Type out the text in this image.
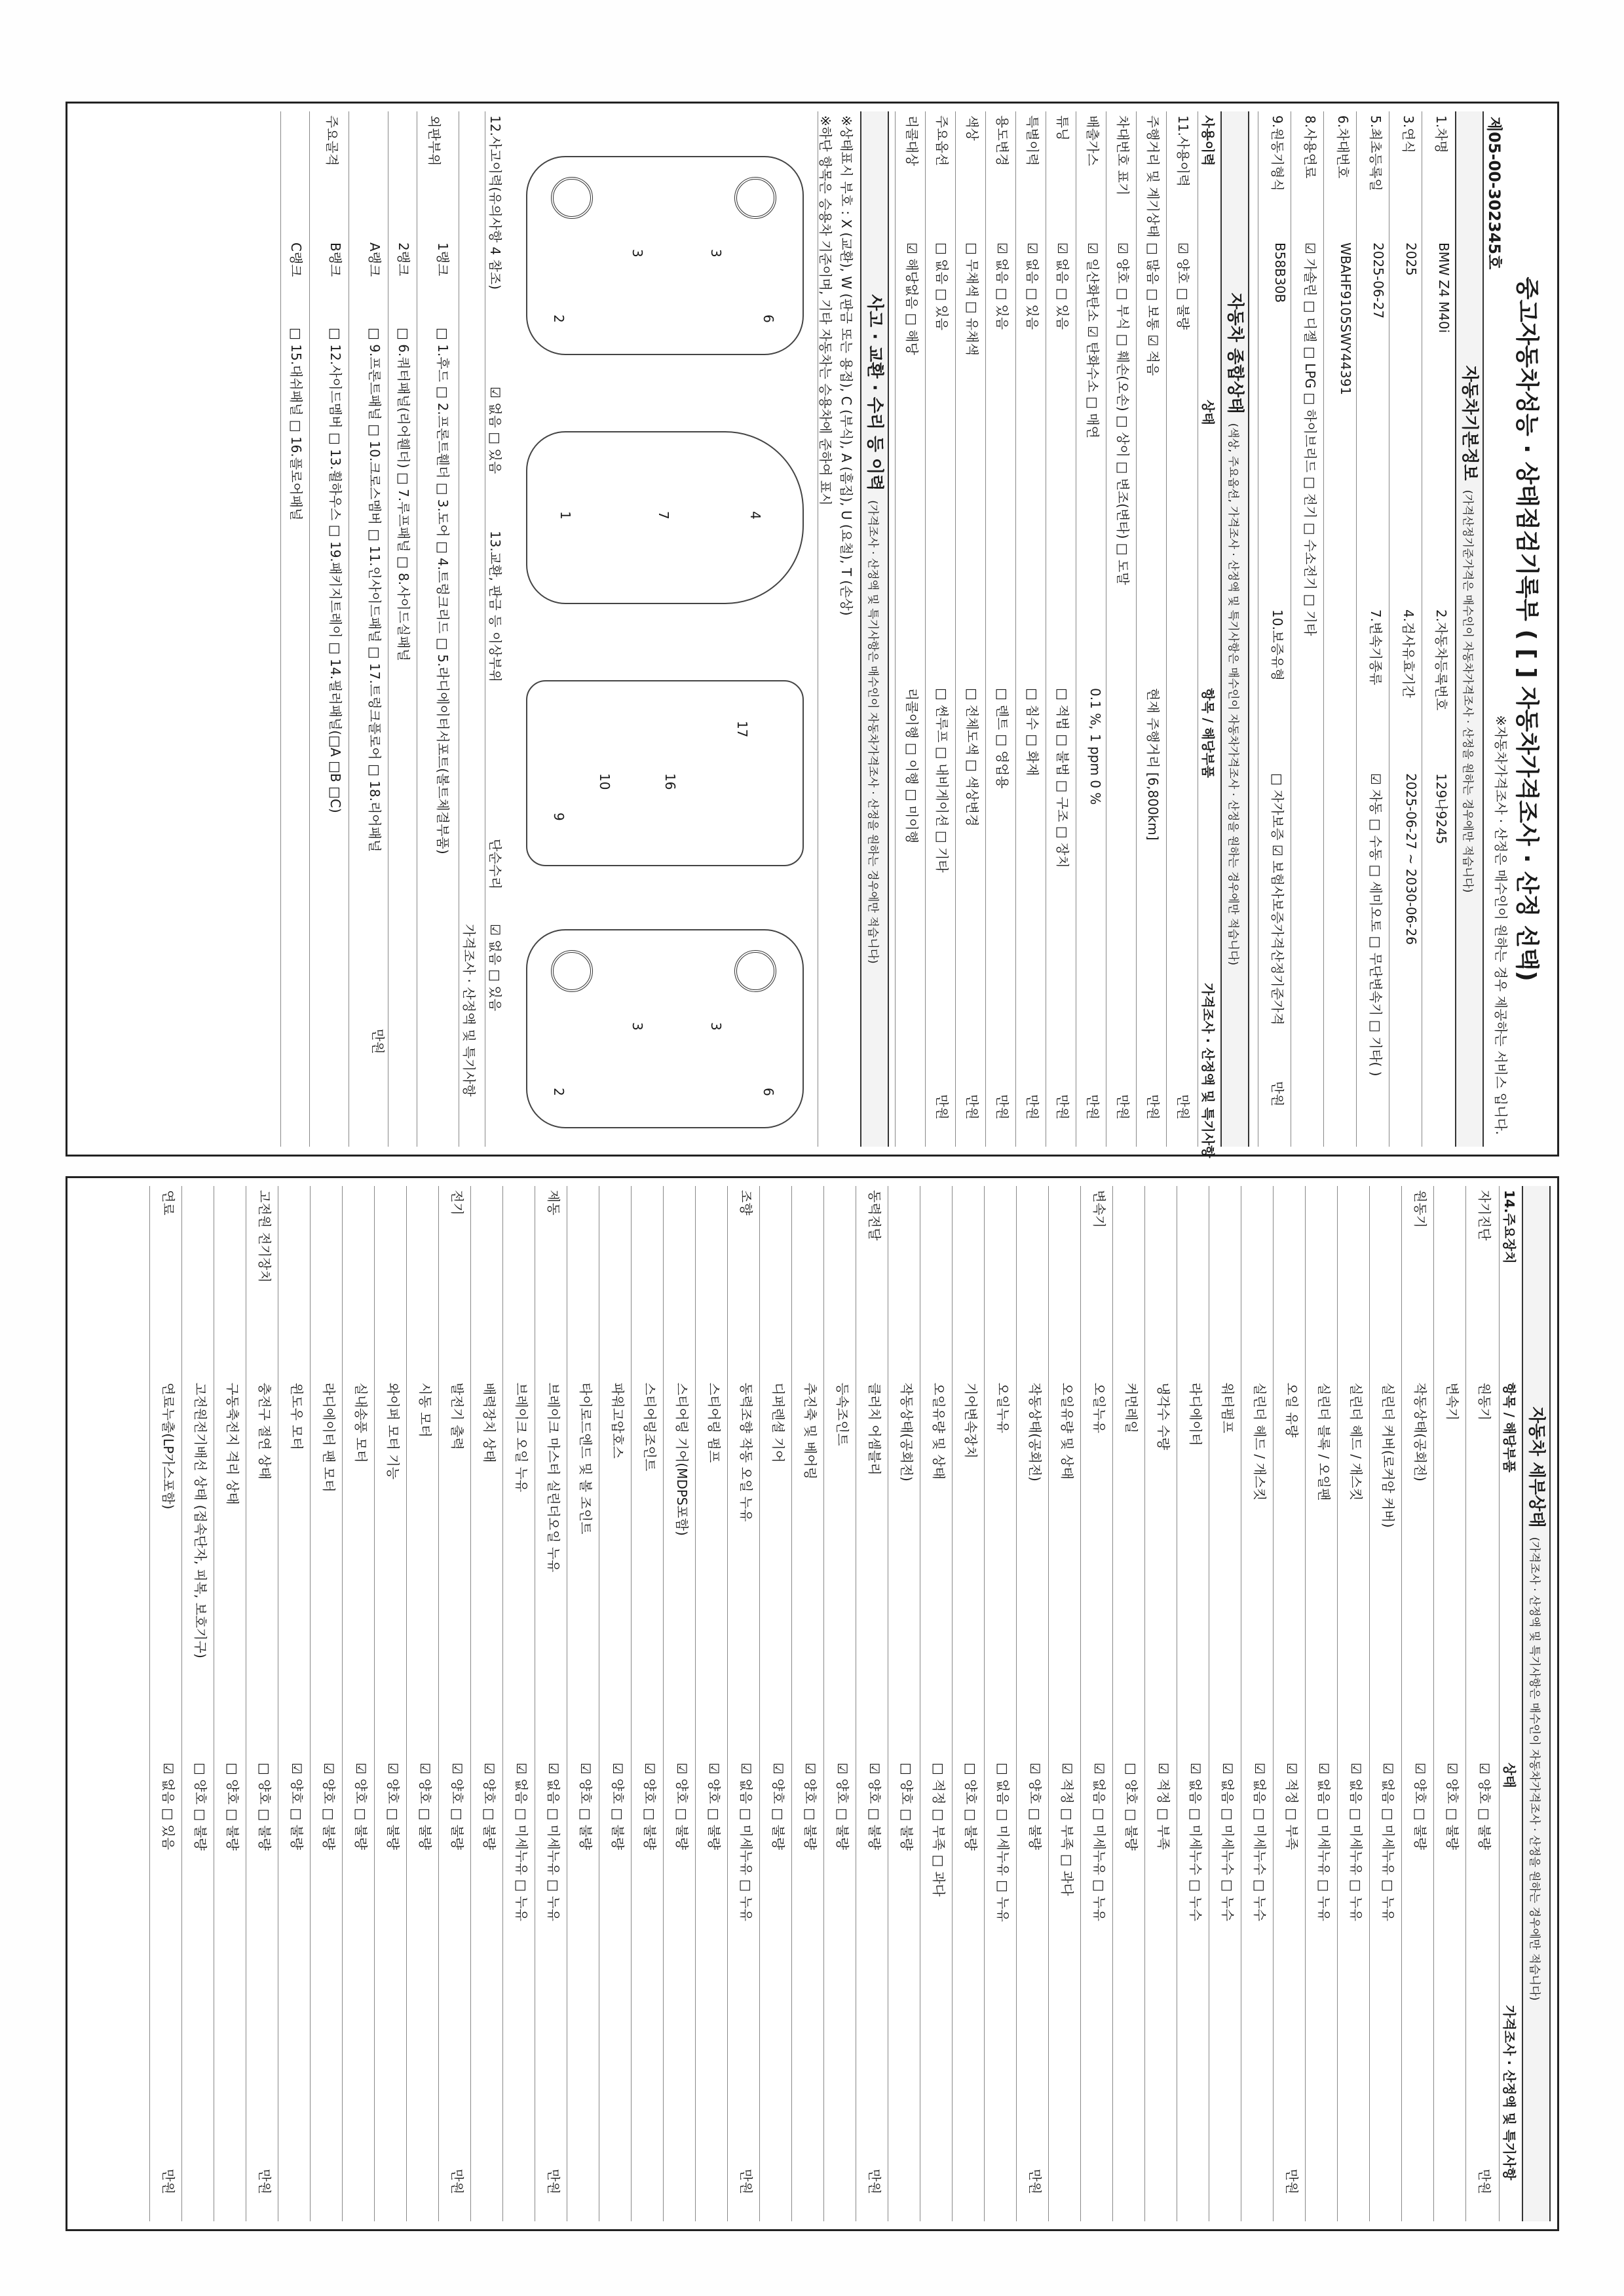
중고자동차성능 · 상태점검기록부 ( [ ] 자동차가격조사 · 산정 선택)
※자동차가격조사 · 산정은 매수인이 원하는 경우 제공하는 서비스 입니다.
제05-00-302345호
자동차기본정보(가격산정기준가격은 매수인이 자동차가격조사 · 산정을 원하는 경우에만 적습니다)
1.차명
BMW Z4 M40i
2.자동차등록번호
129나9245
3.연식
2025
4.검사유효기간
2025-06-27 ~ 2030-06-26
5.최초등록일
2025-06-27
7.변속기종류
☑ 자동 □ 수동 □ 세미오토 □ 무단변속기 □ 기타( )
6.차대번호
WBAHF9105SWY44391
8.사용연료
☑ 가솔린 □ 디젤 □ LPG □ 하이브리드 □ 전기 □ 수소전기 □ 기타
9.원동기형식
B58B30B
10.보증유형
□ 자가보증 ☑ 보험사보증
가격산정기준가격
만원
자동차 종합상태(색상, 주요옵션, 가격조사 · 산정액 및 특기사항은 매수인이 자동차가격조사 · 산정을 원하는 경우에만 적습니다)
사용이력
상태
항목 / 해당부품
가격조사 · 산정액 및 특기사항
11.사용이력
☑ 양호 □ 불량
만원
주행거리 및 계기상태
□ 많음 □ 보통 ☑ 적음
현재 주행거리 [6,800km]
만원
차대번호 표기
☑ 양호 □ 부식 □ 훼손(오손) □ 상이 □ 변조(변타) □ 도말
만원
배출가스
☑ 일산화탄소 ☑ 탄화수소 □ 매연
0.1 %, 1 ppm 0 %
만원
튜닝
☑ 없음 □ 있음
□ 적법 □ 불법 □ 구조 □ 장치
만원
특별이력
☑ 없음 □ 있음
□ 침수 □ 화재
만원
용도변경
☑ 없음 □ 있음
□ 렌트 □ 영업용
만원
색상
□ 무채색 □ 유채색
□ 전체도색 □ 색상변경
만원
주요옵션
□ 없음 □ 있음
□ 썬루프 □ 내비게이션 □ 기타
만원
리콜대상
☑ 해당없음 □ 해당
리콜이행 □ 이행 □ 미이행
사고 · 교환 · 수리 등 이력(가격조사 · 산정액 및 특기사항은 매수인이 자동차가격조사 · 산정을 원하는 경우에만 적습니다)
※상태표시 부호 : X (교환), W (판금 또는 용접), C (부식), A (흠집), U (요철), T (손상)
※하단 항목은 승용차 기준이며, 기타 자동차는 승용차에 준하여 표시
3
3
2	6
4
7
1
17
16
10
9
3
3
2	6
12.사고이력(유의사항 4 참조)
☑ 없음 □ 있음
13.교환, 판금 등 이상부위
단순수리
☑ 없음 □ 있음
가격조사 · 산정액 및 특기사항
외판부위
1랭크
□ 1.후드 □ 2.프론트휀더 □ 3.도어 □ 4.트렁크리드 □ 5.라디에이터서포트(볼트체결부품)
2랭크
□ 6.쿼터패널(리어휀더) □ 7.루프패널 □ 8.사이드실패널
주요골격
A랭크
□ 9.프론트패널 □ 10.크로스멤버 □ 11.인사이드패널 □ 17.트렁크플로어 □ 18.리어패널
B랭크
□ 12.사이드멤버 □ 13.휠하우스 □ 19.패키지트레이 □ 14.필러패널(□A □B □C)
만원
C랭크
□ 15.대쉬패널 □ 16.플로어패널
자동차 세부상태(가격조사 · 산정액 및 특기사항은 매수인이 자동차가격조사 · 산정을 원하는 경우에만 적습니다)
14.주요장치
항목 / 해당부품
상태
가격조사 · 산정액 및 특기사항
자기진단
원동기
☑ 양호 □ 불량
만원
변속기
☑ 양호 □ 불량
원동기
작동상태(공회전)
☑ 양호 □ 불량
실린더 커버(로커암 커버)
☑ 없음 □ 미세누유 □ 누유
실린더 헤드 / 개스킷
☑ 없음 □ 미세누유 □ 누유
실린더 블록 / 오일팬
☑ 없음 □ 미세누유 □ 누유
오일 유량
☑ 적정 □ 부족
만원
실린더 헤드 / 개스킷
☑ 없음 □ 미세누수 □ 누수
워터펌프
☑ 없음 □ 미세누수 □ 누수
라디에이터
☑ 없음 □ 미세누수 □ 누수
냉각수 수량
☑ 적정 □ 부족
커먼레일
□ 양호 □ 불량
변속기
오일누유
☑ 없음 □ 미세누유 □ 누유
오일유량 및 상태
☑ 적정 □ 부족 □ 과다
작동상태(공회전)
☑ 양호 □ 불량
만원
오일누유
□ 없음 □ 미세누유 □ 누유
기어변속장치
□ 양호 □ 불량
오일유량 및 상태
□ 적정 □ 부족 □ 과다
작동상태(공회전)
□ 양호 □ 불량
동력전달
클러치 어셈블리
☑ 양호 □ 불량
만원
등속조인트
☑ 양호 □ 불량
추진축 및 베어링
☑ 양호 □ 불량
디퍼렌셜 기어
☑ 양호 □ 불량
조향
동력조향 작동 오일 누유
☑ 없음 □ 미세누유 □ 누유
만원
스티어링 펌프
☑ 양호 □ 불량
스티어링 기어(MDPS포함)
☑ 양호 □ 불량
스티어링조인트
☑ 양호 □ 불량
파워고압호스
☑ 양호 □ 불량
타이로드엔드 및 볼 조인트
☑ 양호 □ 불량
제동
브레이크 마스터 실린더오일 누유
☑ 없음 □ 미세누유 □ 누유
만원
브레이크 오일 누유
☑ 없음 □ 미세누유 □ 누유
배력장치 상태
☑ 양호 □ 불량
전기
발전기 출력
☑ 양호 □ 불량
만원
시동 모터
☑ 양호 □ 불량
와이퍼 모터 기능
☑ 양호 □ 불량
실내송풍 모터
☑ 양호 □ 불량
라디에이터 팬 모터
☑ 양호 □ 불량
윈도우 모터
☑ 양호 □ 불량
고전원 전기장치
충전구 절연 상태
□ 양호 □ 불량
만원
구동축전지 격리 상태
□ 양호 □ 불량
고전원전기배선 상태 (접속단자, 피복, 보호기구)
□ 양호 □ 불량
연료
연료누출(LP가스포함)
☑ 없음 □ 있음
만원
